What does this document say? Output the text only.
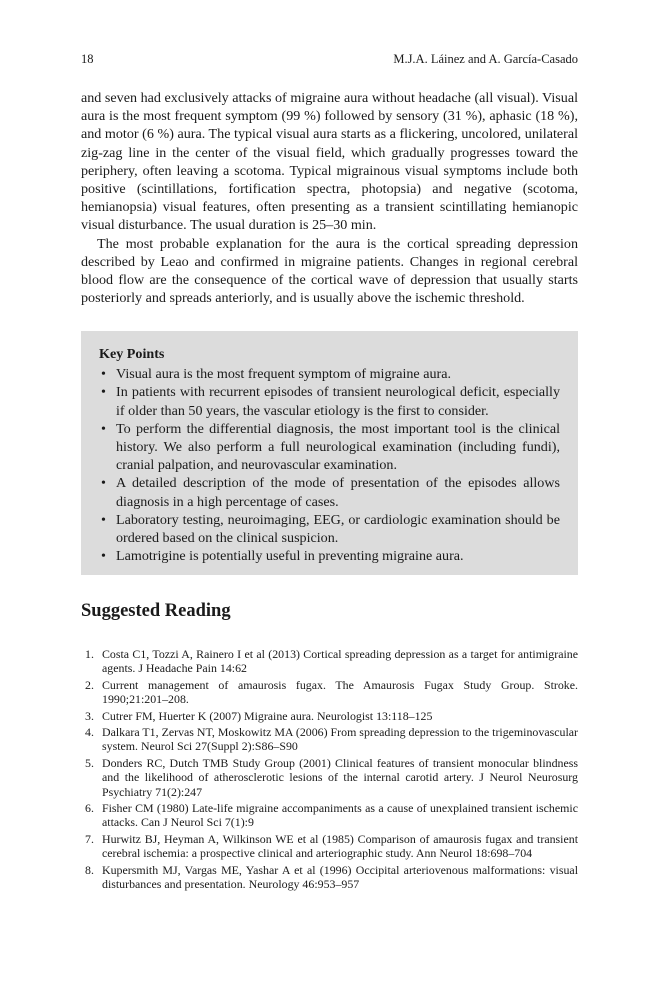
18	M.J.A. Láinez and A. García-Casado

and seven had exclusively attacks of migraine aura without headache (all visual). Visual aura is the most frequent symptom (99 %) followed by sensory (31 %), aphasic (18 %), and motor (6 %) aura. The typical visual aura starts as a flickering, uncolored, unilateral zig-zag line in the center of the visual field, which gradually progresses toward the periphery, often leaving a scotoma. Typical migrainous visual symptoms include both positive (scintillations, fortification spectra, photopsia) and negative (scotoma, hemianopsia) visual features, often presenting as a transient scintillating hemianopic visual disturbance. The usual duration is 25–30 min.

The most probable explanation for the aura is the cortical spreading depression described by Leao and confirmed in migraine patients. Changes in regional cerebral blood flow are the consequence of the cortical wave of depression that usually starts posteriorly and spreads anteriorly, and is usually above the ischemic threshold.

Key Points
• Visual aura is the most frequent symptom of migraine aura.
• In patients with recurrent episodes of transient neurological deficit, especially if older than 50 years, the vascular etiology is the first to consider.
• To perform the differential diagnosis, the most important tool is the clinical history. We also perform a full neurological examination (including fundi), cranial palpation, and neurovascular examination.
• A detailed description of the mode of presentation of the episodes allows diagnosis in a high percentage of cases.
• Laboratory testing, neuroimaging, EEG, or cardiologic examination should be ordered based on the clinical suspicion.
• Lamotrigine is potentially useful in preventing migraine aura.
Suggested Reading
1. Costa C1, Tozzi A, Rainero I et al (2013) Cortical spreading depression as a target for antimigraine agents. J Headache Pain 14:62
2. Current management of amaurosis fugax. The Amaurosis Fugax Study Group. Stroke. 1990;21:201–208.
3. Cutrer FM, Huerter K (2007) Migraine aura. Neurologist 13:118–125
4. Dalkara T1, Zervas NT, Moskowitz MA (2006) From spreading depression to the trigeminovascular system. Neurol Sci 27(Suppl 2):S86–S90
5. Donders RC, Dutch TMB Study Group (2001) Clinical features of transient monocular blindness and the likelihood of atherosclerotic lesions of the internal carotid artery. J Neurol Neurosurg Psychiatry 71(2):247
6. Fisher CM (1980) Late-life migraine accompaniments as a cause of unexplained transient ischemic attacks. Can J Neurol Sci 7(1):9
7. Hurwitz BJ, Heyman A, Wilkinson WE et al (1985) Comparison of amaurosis fugax and transient cerebral ischemia: a prospective clinical and arteriographic study. Ann Neurol 18:698–704
8. Kupersmith MJ, Vargas ME, Yashar A et al (1996) Occipital arteriovenous malformations: visual disturbances and presentation. Neurology 46:953–957
